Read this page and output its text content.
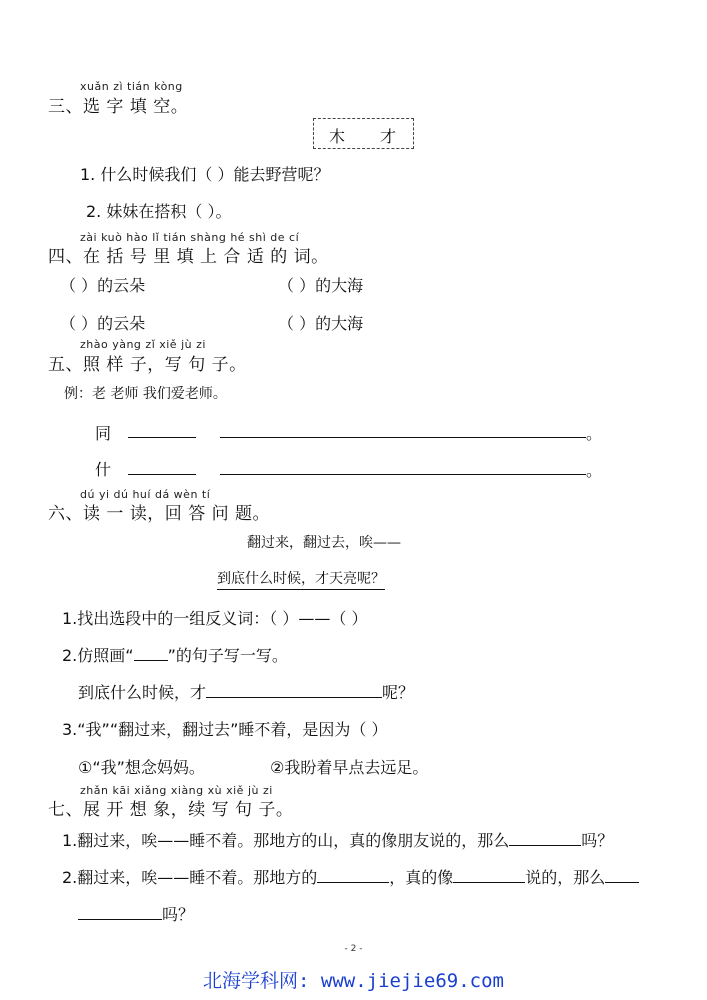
xuǎn zì tián kòng
三、选 字 填 空。
木 才
1. 什么时候我们（ ）能去野营呢？
2. 妹妹在搭积（ ）。
zài kuò hào lǐ tián shàng hé shì de cí
四、在 括 号 里 填 上 合 适 的 词。
（ ）的云朵	（ ）的大海
（ ）的云朵	（ ）的大海
zhào yàng zǐ xiě jù zi
五、照 样 子，写 句 子。
例：老 老师 我们爱老师。
同	。
什	。
dú yi dú huí dá wèn tí
六、读 一 读，回 答 问 题。
翻过来，翻过去，唉——
到底什么时候，才天亮呢？
1.找出选段中的一组反义词：（ ）——（ ）
2.仿照画“ ”的句子写一写。
到底什么时候，才	呢？
3.“我”“翻过来，翻过去”睡不着，是因为（ ）
①“我”想念妈妈。	②我盼着早点去远足。
zhǎn kāi xiǎng xiàng xù xiě jù zi
七、展 开 想 象，续 写 句 子。
1.翻过来，唉——睡不着。那地方的山，真的像朋友说的，那么	吗？
2.翻过来，唉——睡不着。那地方的	，真的像	说的，那么
吗？
- 2 -
北海学科网: www.jiejie69.com
